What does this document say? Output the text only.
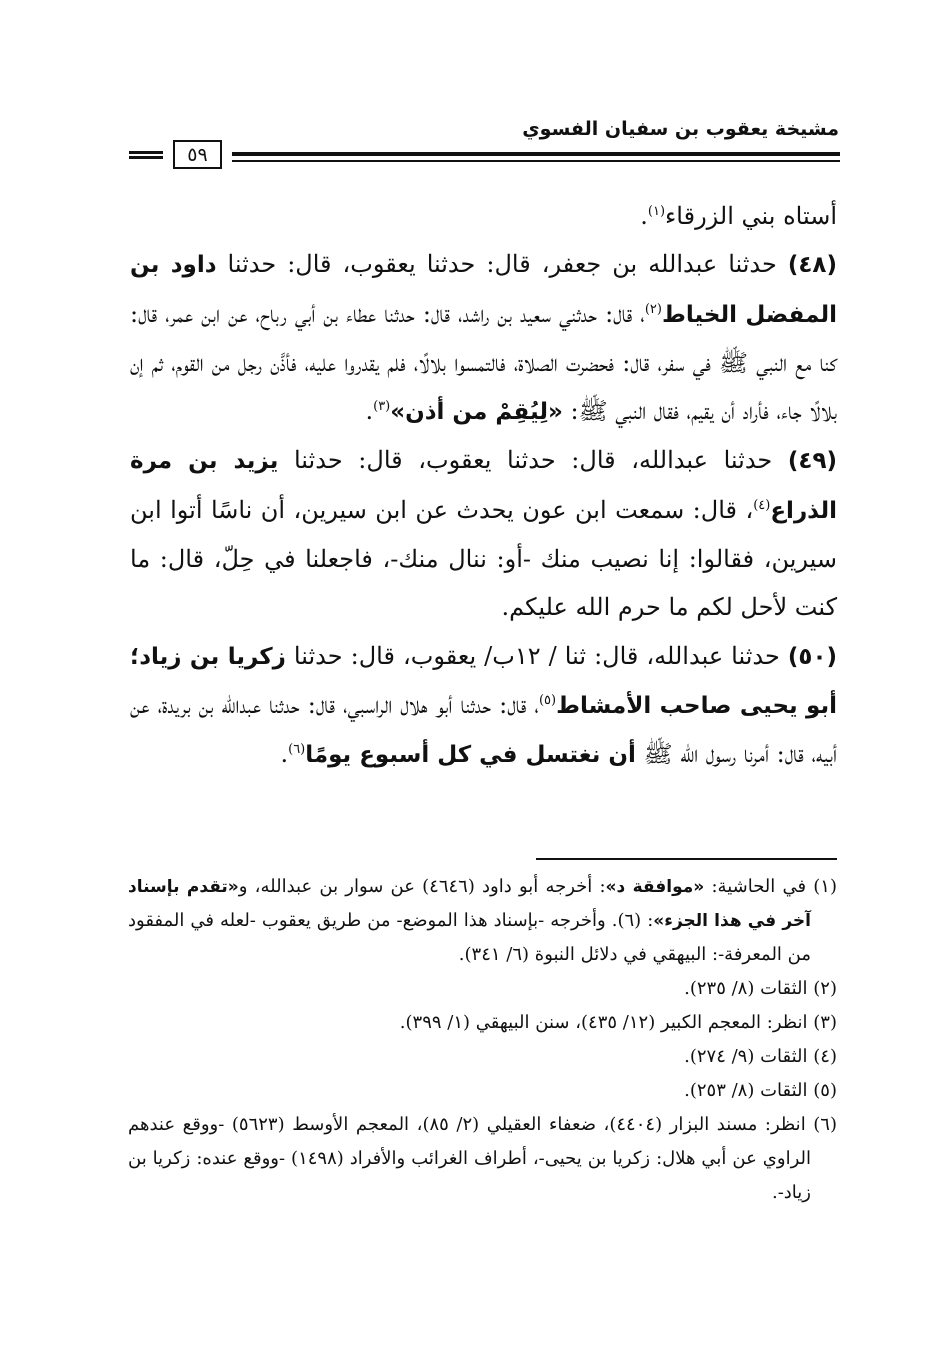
مشيخة يعقوب بن سفيان الفسوي
٥٩

أستاه بني الزرقاء$^{(١)}$.

(٤٨) حدثنا عبدالله بن جعفر، قال: حدثنا يعقوب، قال: حدثنا داود بن المفضل الخياط$^{(٢)}$، قال: حدثني سعيد بن راشد، قال: حدثنا عطاء بن أبي رباح، عن ابن عمر، قال: كنا مع النبي ﷺ في سفر، قال: فحضرت الصلاة، فالتمسوا بلالًا، فلم يقدروا عليه، فأذَّن رجل من القوم، ثم إن بلالًا جاء، فأراد أن يقيم، فقال النبي ﷺ: «لِيُقِمْ من أذن»$^{(٣)}$.

(٤٩) حدثنا عبدالله، قال: حدثنا يعقوب، قال: حدثنا يزيد بن مرة الذراع$^{(٤)}$، قال: سمعت ابن عون يحدث عن ابن سيرين، أن ناسًا أتوا ابن سيرين، فقالوا: إنا نصيب منك -أو: ننال منك-، فاجعلنا في حِلّ، قال: ما كنت لأحل لكم ما حرم الله عليكم.

(٥٠) حدثنا عبدالله، قال: ثنا / ١٢ب/ يعقوب، قال: حدثنا زكريا بن زياد؛ أبو يحيى صاحب الأمشاط$^{(٥)}$، قال: حدثنا أبو هلال الراسبي، قال: حدثنا عبدالله بن بريدة، عن أبيه، قال: أمرنا رسول الله ﷺ أن نغتسل في كل أسبوع يومًا$^{(٦)}$.

(١) في الحاشية: «موافقة د»: أخرجه أبو داود (٤٦٤٦) عن سوار بن عبدالله، و«تقدم بإسناد آخر في هذا الجزء»: (٦). وأخرجه -بإسناد هذا الموضع- من طريق يعقوب -لعله في المفقود من المعرفة-: البيهقي في دلائل النبوة (٦/ ٣٤١).

(٢) الثقات (٨/ ٢٣٥).

(٣) انظر: المعجم الكبير (١٢/ ٤٣٥)، سنن البيهقي (١/ ٣٩٩).

(٤) الثقات (٩/ ٢٧٤).

(٥) الثقات (٨/ ٢٥٣).

(٦) انظر: مسند البزار (٤٤٠٤)، ضعفاء العقيلي (٢/ ٨٥)، المعجم الأوسط (٥٦٢٣) -ووقع عندهم الراوي عن أبي هلال: زكريا بن يحيى-، أطراف الغرائب والأفراد (١٤٩٨) -ووقع عنده: زكريا بن زياد-.
